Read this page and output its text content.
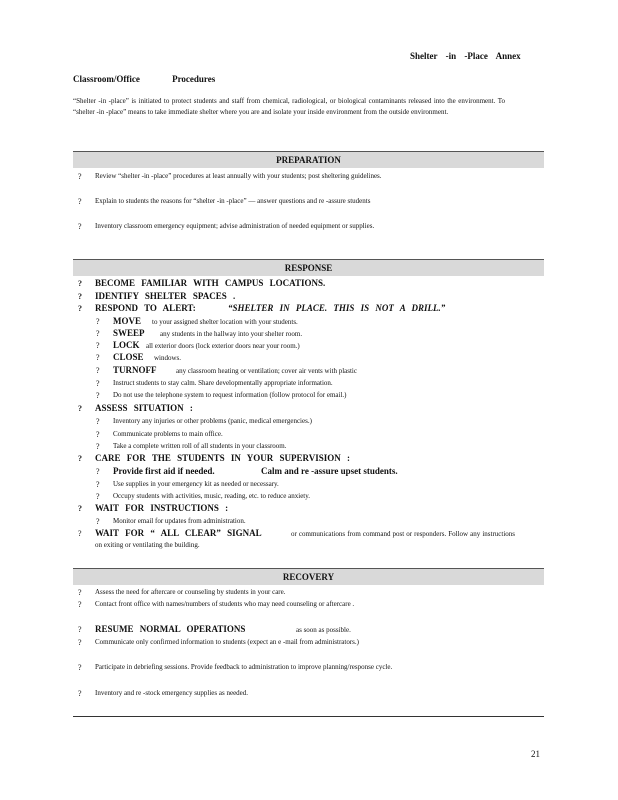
Shelter -in -Place Annex
Classroom/Office Procedures
“Shelter -in -place” is initiated to protect students and staff from chemical, radiological, or biological contaminants released into the environment. To “shelter -in -place” means to take immediate shelter where you are and isolate your inside environment from the outside environment.
PREPARATION
?	Review “shelter -in -place” procedures at least annually with your students; post sheltering guidelines.
?	Explain to students the reasons for “shelter -in -place” — answer questions and re -assure students
?	Inventory classroom emergency equipment; advise administration of needed equipment or supplies.
RESPONSE
?	BECOME FAMILIAR WITH CAMPUS LOCATIONS.
?	IDENTIFY SHELTER SPACES .
?	RESPOND TO ALERT:	“SHELTER IN PLACE. THIS IS NOT A DRILL.”
?	MOVE to your assigned shelter location with your students.
?	SWEEP any students in the hallway into your shelter room.
?	LOCK all exterior doors (lock exterior doors near your room.)
?	CLOSE windows.
?	TURNOFF	any classroom heating or ventilation; cover air vents with plastic
?	Instruct students to stay calm. Share developmentally appropriate information.
?	Do not use the telephone system to request information (follow protocol for email.)
?	ASSESS SITUATION :
?	Inventory any injuries or other problems (panic, medical emergencies.)
?	Communicate problems to main office.
?	Take a complete written roll of all students in your classroom.
?	CARE FOR THE STUDENTS IN YOUR SUPERVISION :
?	Provide first aid if needed.	Calm and re -assure upset students.
?	Use supplies in your emergency kit as needed or necessary.
?	Occupy students with activities, music, reading, etc. to reduce anxiety.
?	WAIT FOR INSTRUCTIONS :
?	Monitor email for updates from administration.
?	WAIT FOR “ ALL CLEAR” SIGNAL	or communications from command post or responders. Follow any instructions on exiting or ventilating the building.
RECOVERY
?	Assess the need for aftercare or counseling by students in your care.
?	Contact front office with names/numbers of students who may need counseling or aftercare .
?	RESUME NORMAL OPERATIONS	as soon as possible.
?	Communicate only confirmed information to students (expect an e -mail from administrators.)
?	Participate in debriefing sessions. Provide feedback to administration to improve planning/response cycle.
?	Inventory and re -stock emergency supplies as needed.
21
